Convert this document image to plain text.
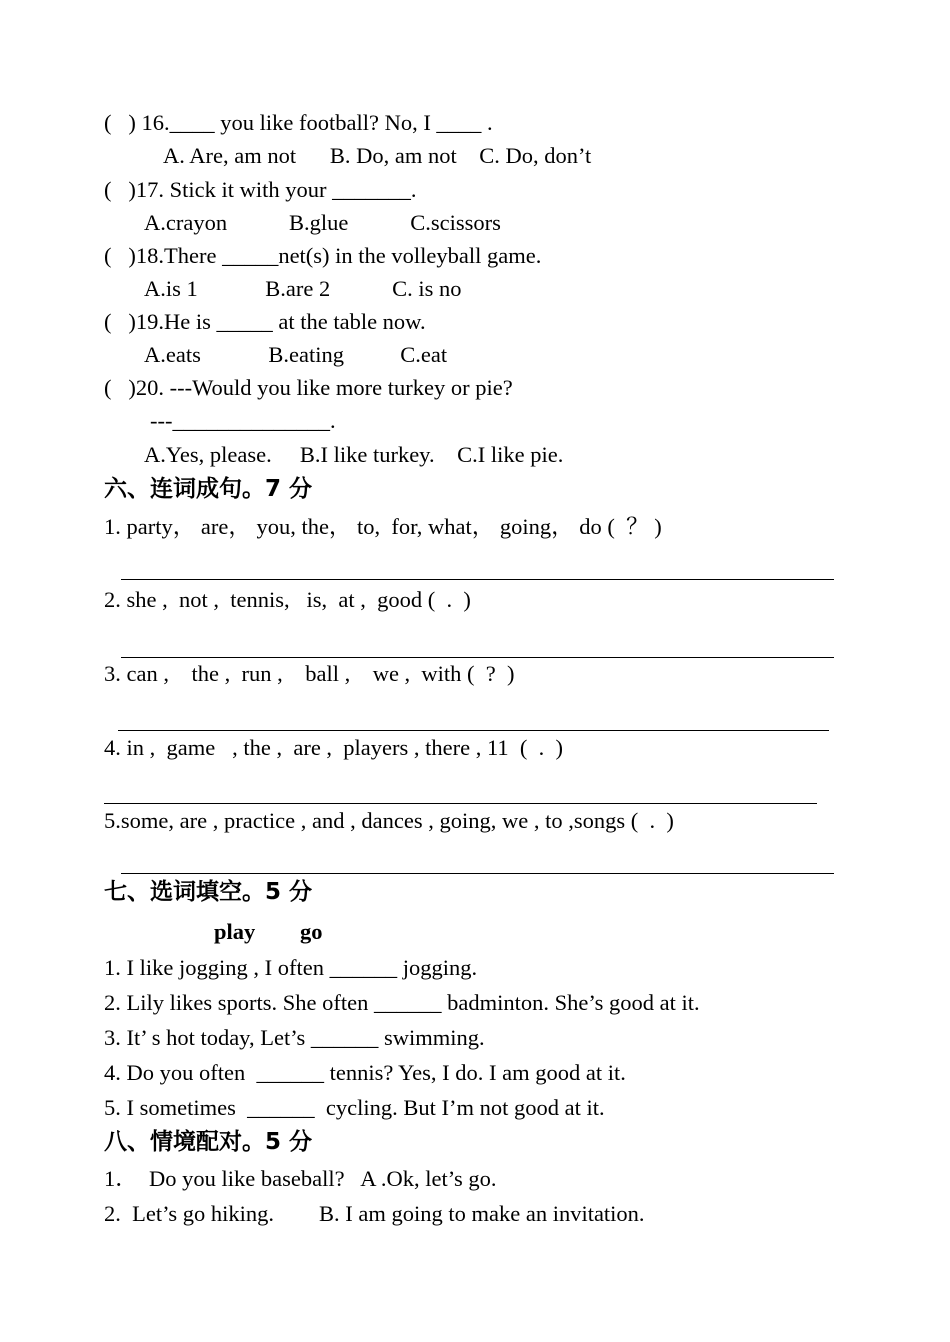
(   ) 16.____ you like football? No, I ____ .
A. Are, am not      B. Do, am not    C. Do, don’t
(   )17. Stick it with your _______.
A.crayon           B.glue           C.scissors
(   )18.There _____net(s) in the volleyball game.
A.is 1            B.are 2           C. is no
(   )19.He is _____ at the table now.
A.eats            B.eating          C.eat
(   )20. ---Would you like more turkey or pie?
---______________.
A.Yes, please.     B.I like turkey.    C.I like pie.
六、连词成句。7 分
1. party， are， you, the， to,  for, what， going， do (  ？ )
2. she ,  not ,  tennis,   is,  at ,  good (  .  )
3. can ,    the ,  run ,    ball ,    we ,  with (  ?  )
4. in ,  game   , the ,  are ,  players , there , 11  (  .  )
5.some, are , practice , and , dances , going, we , to ,songs (  .  )
七、选词填空。5 分
play go
1. I like jogging , I often ______ jogging.
2. Lily likes sports. She often ______ badminton. She’s good at it.
3. It’ s hot today, Let’s ______ swimming.
4. Do you often  ______ tennis? Yes, I do. I am good at it.
5. I sometimes  ______  cycling. But I’m not good at it.
八、情境配对。5 分
1．  Do you like baseball?   A .Ok, let’s go.
2.  Let’s go hiking.        B. I am going to make an invitation.
